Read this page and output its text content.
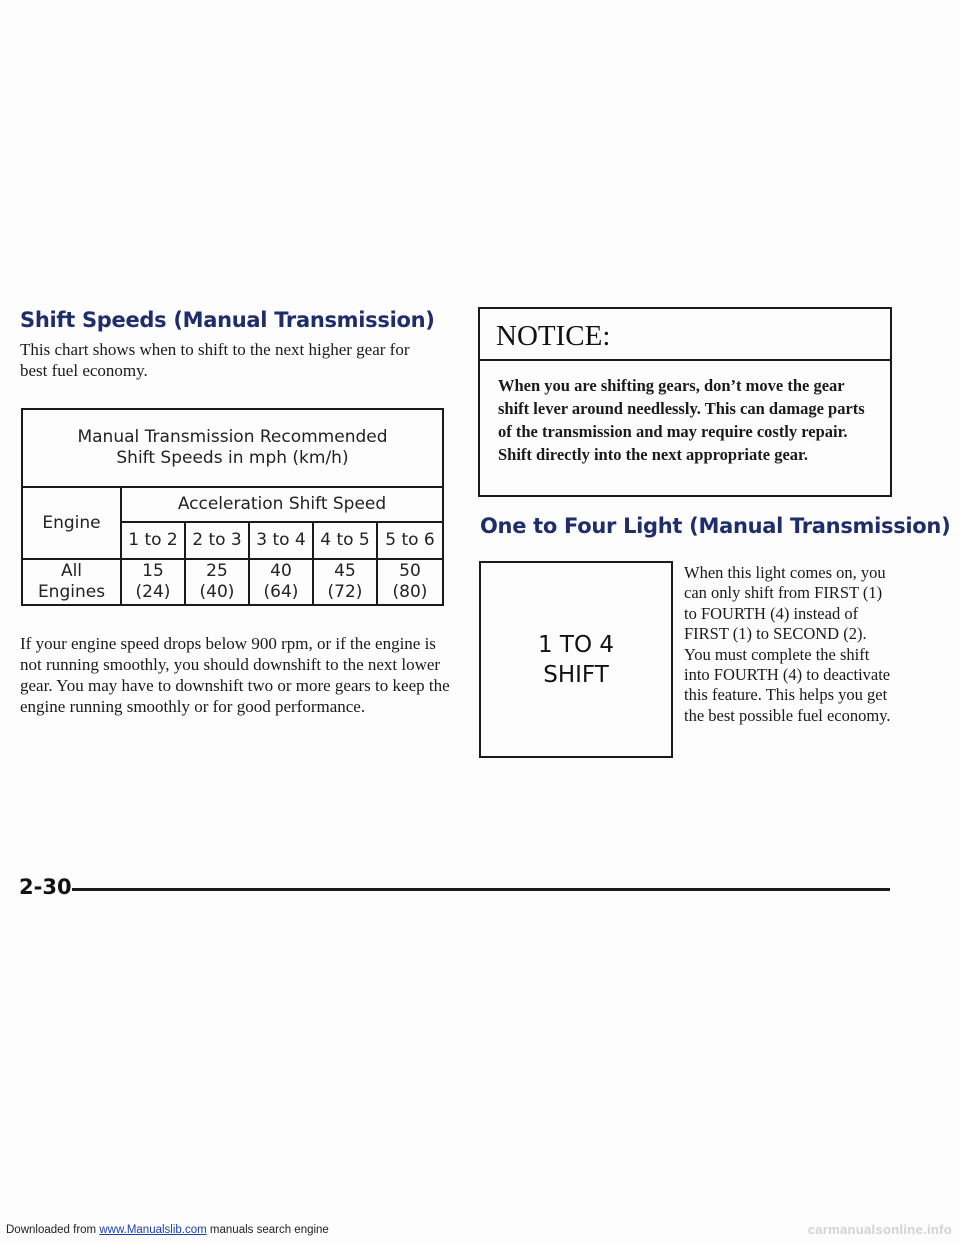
Shift Speeds (Manual Transmission)
This chart shows when to shift to the next higher gear for best fuel economy.
Manual Transmission Recommended
Shift Speeds in mph (km/h)
Engine
Acceleration Shift Speed
1 to 2 2 to 3 3 to 4 4 to 5 5 to 6
All
Engines
15
(24)
25
(40)
40
(64)
45
(72)
50
(80)
If your engine speed drops below 900 rpm, or if the engine is not running smoothly, you should downshift to the next lower gear. You may have to downshift two or more gears to keep the engine running smoothly or for good performance.
NOTICE:
When you are shifting gears, don’t move the gear shift lever around needlessly. This can damage parts of the transmission and may require costly repair. Shift directly into the next appropriate gear.
One to Four Light (Manual Transmission)
1 TO 4
SHIFT
When this light comes on, you can only shift from FIRST (1) to FOURTH (4) instead of FIRST (1) to SECOND (2). You must complete the shift into FOURTH (4) to deactivate this feature. This helps you get the best possible fuel economy.
2-30
Downloaded from www.Manualslib.com manuals search engine	carmanualsonline.info
